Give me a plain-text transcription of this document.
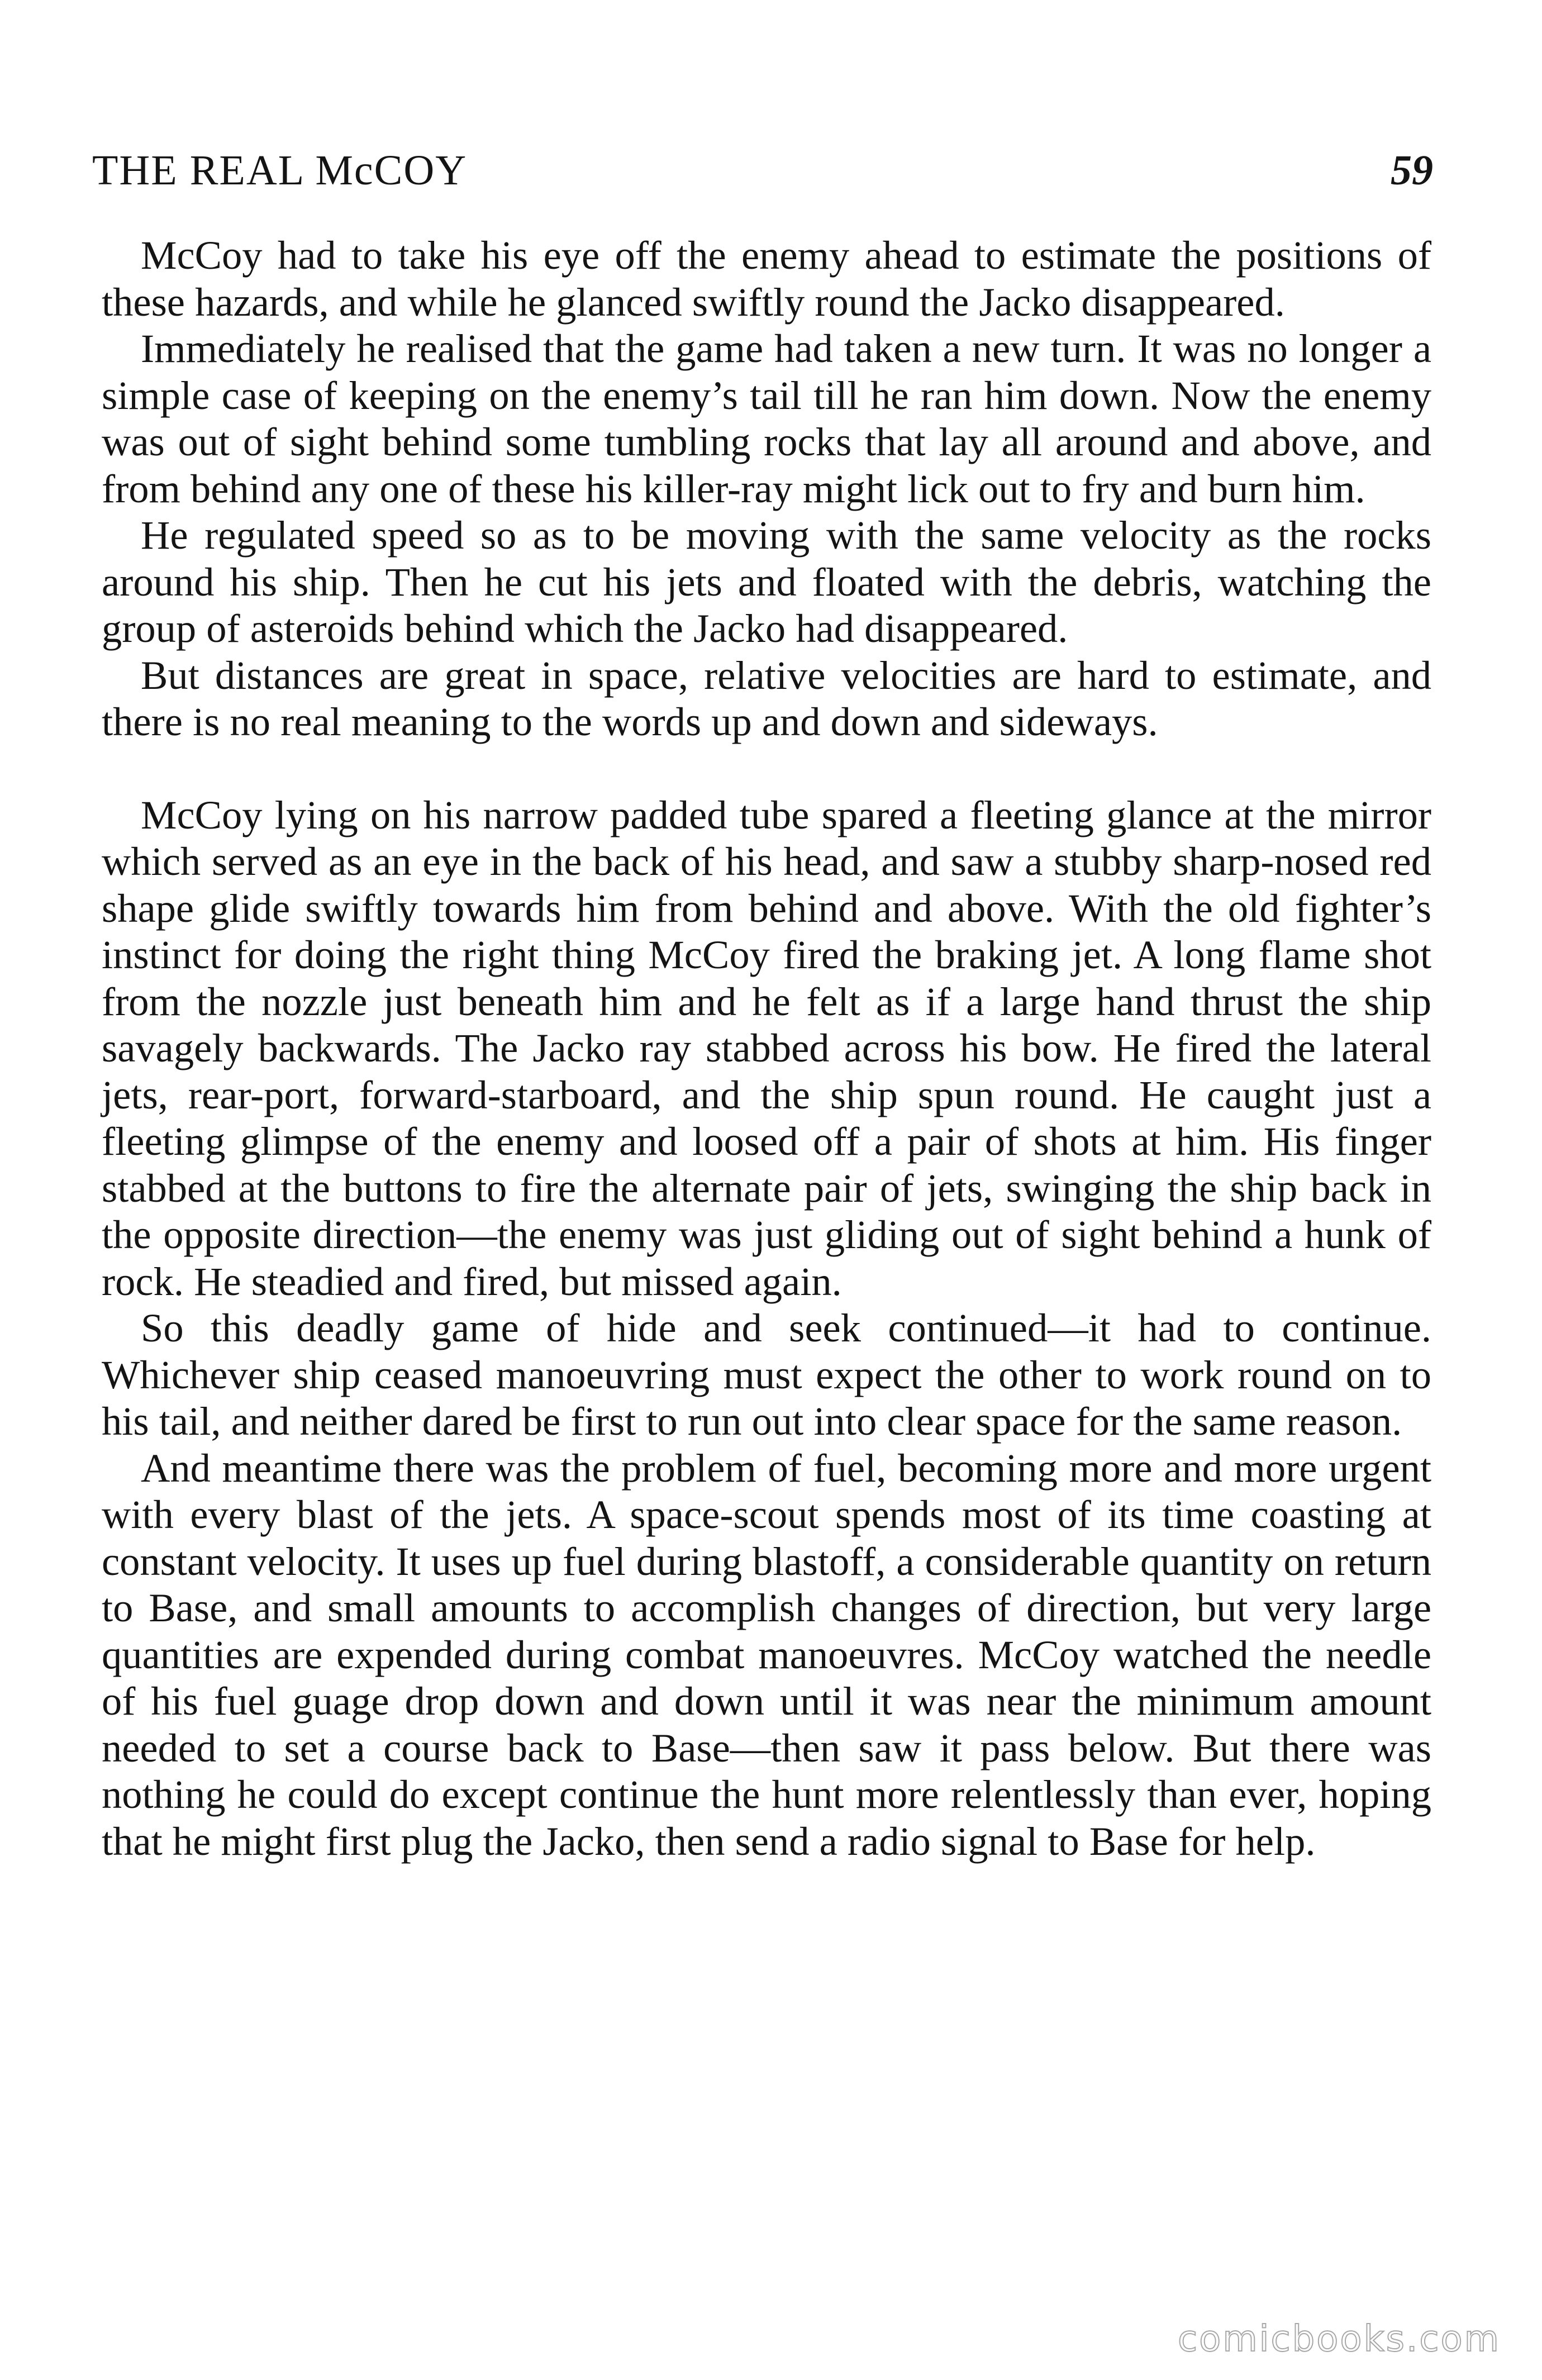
THE REAL McCOY	59

McCoy had to take his eye off the enemy ahead to estimate the positions of these hazards, and while he glanced swiftly round the Jacko disappeared.

Immediately he realised that the game had taken a new turn. It was no longer a simple case of keeping on the enemy’s tail till he ran him down. Now the enemy was out of sight behind some tumbling rocks that lay all around and above, and from behind any one of these his killer-ray might lick out to fry and burn him.

He regulated speed so as to be moving with the same velocity as the rocks around his ship. Then he cut his jets and floated with the debris, watching the group of asteroids behind which the Jacko had disappeared.

But distances are great in space, relative velocities are hard to estimate, and there is no real meaning to the words up and down and sideways.

McCoy lying on his narrow padded tube spared a fleeting glance at the mirror which served as an eye in the back of his head, and saw a stubby sharp-nosed red shape glide swiftly towards him from behind and above. With the old fighter’s instinct for doing the right thing McCoy fired the braking jet. A long flame shot from the nozzle just beneath him and he felt as if a large hand thrust the ship savagely backwards. The Jacko ray stabbed across his bow. He fired the lateral jets, rear-port, forward-starboard, and the ship spun round. He caught just a fleeting glimpse of the enemy and loosed off a pair of shots at him. His finger stabbed at the buttons to fire the alternate pair of jets, swinging the ship back in the opposite direction—the enemy was just gliding out of sight behind a hunk of rock. He steadied and fired, but missed again.

So this deadly game of hide and seek continued—it had to continue. Whichever ship ceased manoeuvring must expect the other to work round on to his tail, and neither dared be first to run out into clear space for the same reason.

And meantime there was the problem of fuel, becoming more and more urgent with every blast of the jets. A space-scout spends most of its time coasting at constant velocity. It uses up fuel during blastoff, a considerable quantity on return to Base, and small amounts to accomplish changes of direction, but very large quantities are expended during combat manoeuvres. McCoy watched the needle of his fuel guage drop down and down until it was near the minimum amount needed to set a course back to Base—then saw it pass below. But there was nothing he could do except continue the hunt more relentlessly than ever, hoping that he might first plug the Jacko, then send a radio signal to Base for help.

comicbooks.com
